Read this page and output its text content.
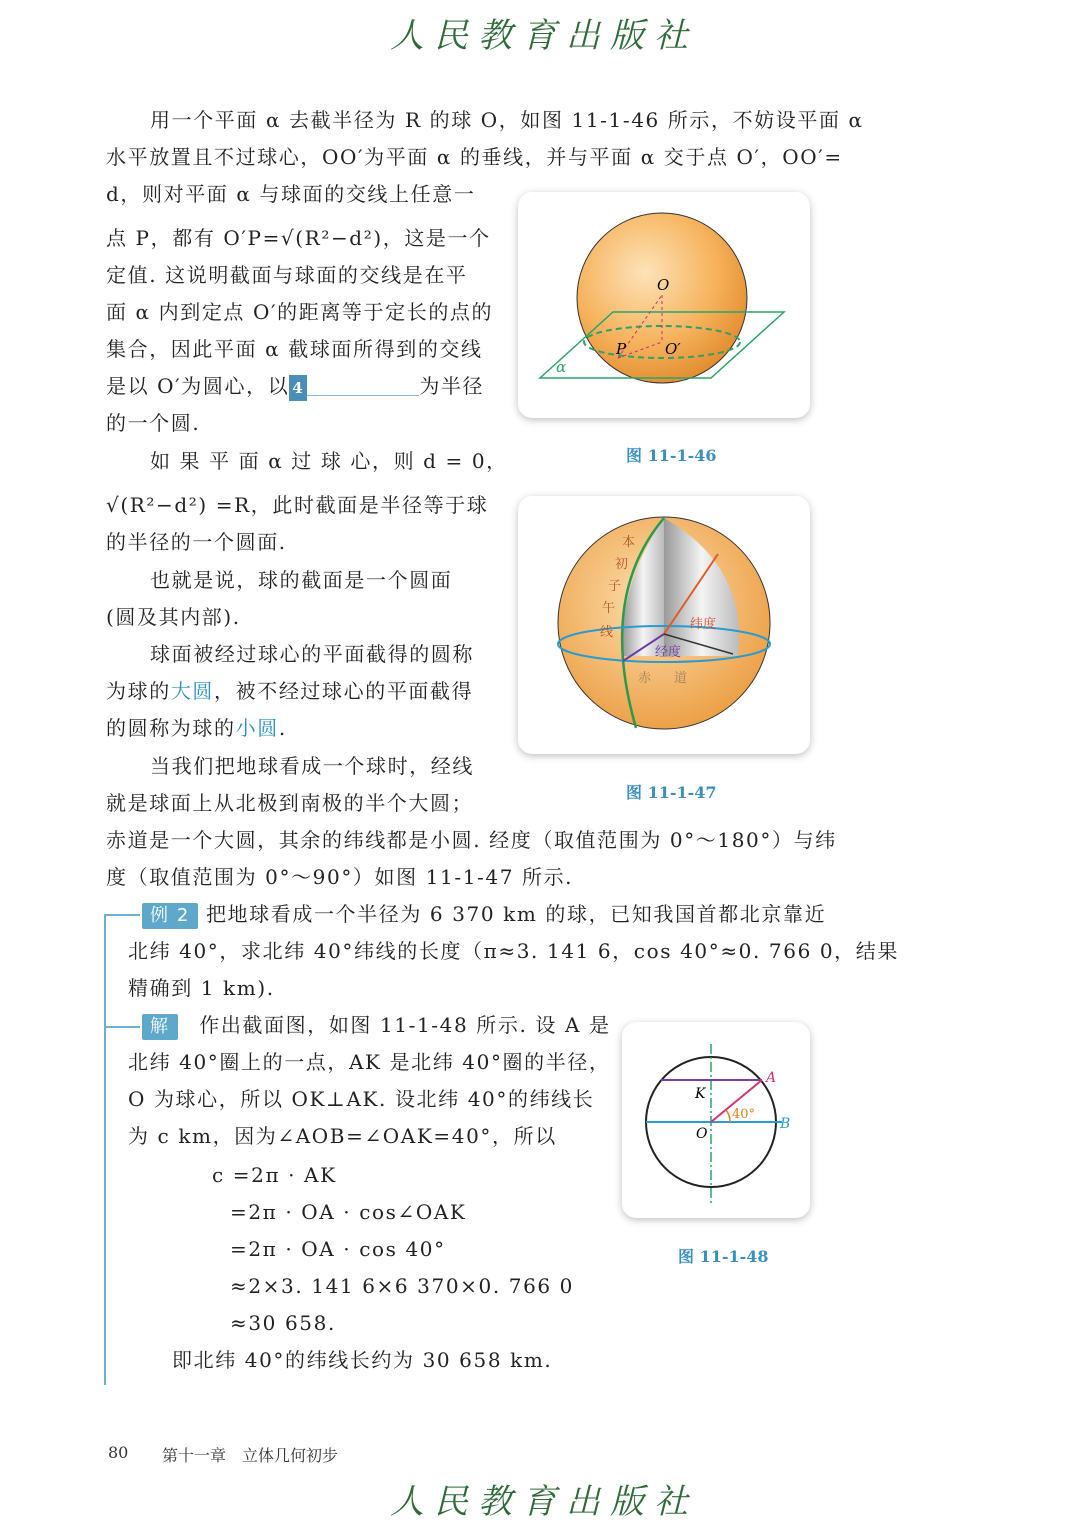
人民教育出版社
用一个平面 α 去截半径为 R 的球 O，如图 11-1-46 所示，不妨设平面 α
水平放置且不过球心，OO′为平面 α 的垂线，并与平面 α 交于点 O′，OO′=
d，则对平面 α 与球面的交线上任意一
点 P，都有 O′P=√(R²−d²)，这是一个
定值. 这说明截面与球面的交线是在平
面 α 内到定点 O′的距离等于定长的点的
集合，因此平面 α 截球面所得到的交线
是以 O′为圆心，以 4	为半径
的一个圆.
如 果 平 面 α 过 球 心，则 d = 0，
√(R²−d²) =R，此时截面是半径等于球
的半径的一个圆面.
也就是说，球的截面是一个圆面
(圆及其内部).
球面被经过球心的平面截得的圆称
为球的大圆，被不经过球心的平面截得
的圆称为球的小圆.
当我们把地球看成一个球时，经线
就是球面上从北极到南极的半个大圆；
赤道是一个大圆，其余的纬线都是小圆. 经度（取值范围为 0°～180°）与纬
度（取值范围为 0°～90°）如图 11-1-47 所示.
O
O′
P
α
图 11-1-46
本
初
子
午
线
纬度
经度
赤 道
图 11-1-47
例 2 把地球看成一个半径为 6 370 km 的球，已知我国首都北京靠近
北纬 40°，求北纬 40°纬线的长度（π≈3. 141 6，cos 40°≈0. 766 0，结果
精确到 1 km).
解　 作出截面图，如图 11-1-48 所示. 设 A 是
北纬 40°圈上的一点，AK 是北纬 40°圈的半径，
O 为球心，所以 OK⊥AK. 设北纬 40°的纬线长
为 c km，因为∠AOB=∠OAK=40°，所以
c =2π · AK
=2π · OA · cos∠OAK
=2π · OA · cos 40°
≈2×3. 141 6×6 370×0. 766 0
≈30 658.
即北纬 40°的纬线长约为 30 658 km.
A
K
O
B
40°
图 11-1-48
80 第十一章　立体几何初步
人民教育出版社
